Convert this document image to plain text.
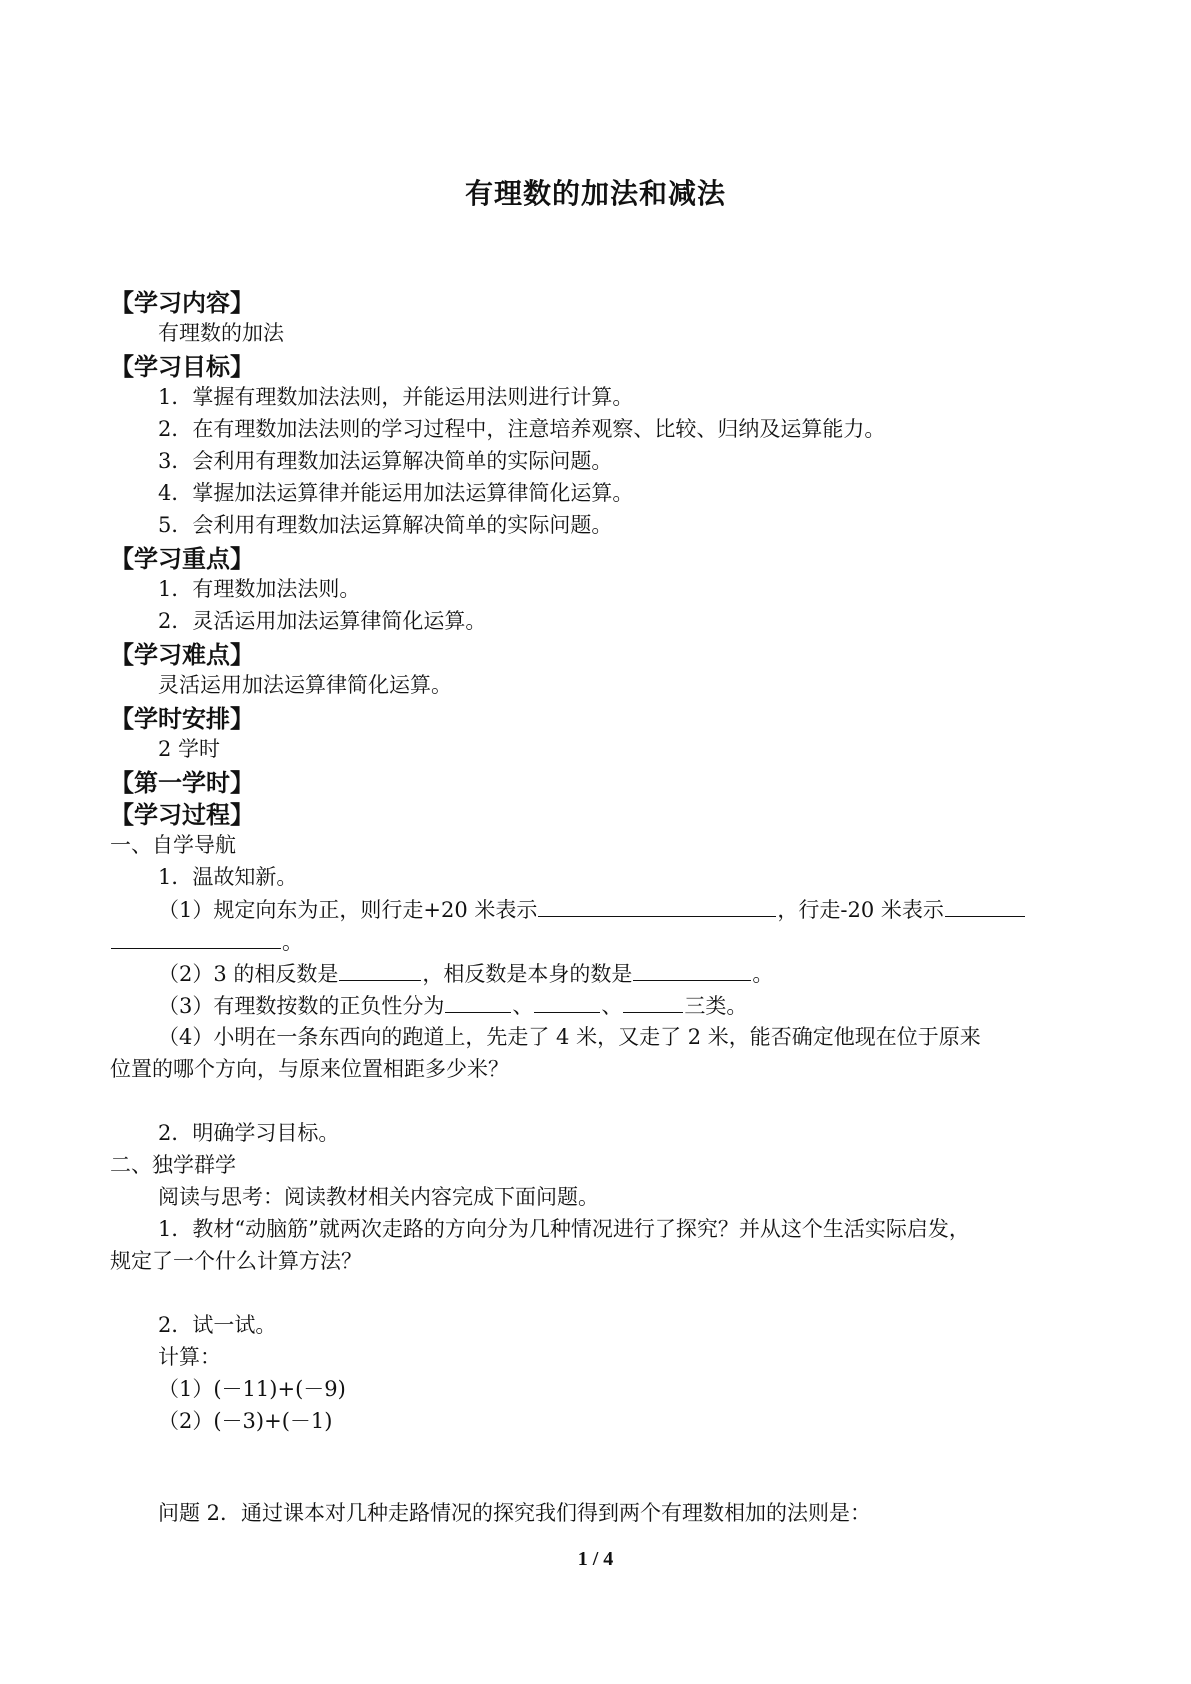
有理数的加法和减法
【学习内容】
有理数的加法
【学习目标】
1．掌握有理数加法法则，并能运用法则进行计算。
2．在有理数加法法则的学习过程中，注意培养观察、比较、归纳及运算能力。
3．会利用有理数加法运算解决简单的实际问题。
4．掌握加法运算律并能运用加法运算律简化运算。
5．会利用有理数加法运算解决简单的实际问题。
【学习重点】
1．有理数加法法则。
2．灵活运用加法运算律简化运算。
【学习难点】
灵活运用加法运算律简化运算。
【学时安排】
2 学时
【第一学时】
【学习过程】
一、自学导航
1．温故知新。
（1）规定向东为正，则行走+20 米表示	，行走-20 米表示
。
（2）3 的相反数是	，相反数是本身的数是	。
（3）有理数按数的正负性分为	、	、	三类。
（4）小明在一条东西向的跑道上，先走了 4 米，又走了 2 米，能否确定他现在位于原来
位置的哪个方向，与原来位置相距多少米？
2．明确学习目标。
二、独学群学
阅读与思考：阅读教材相关内容完成下面问题。
1．教材“动脑筋”就两次走路的方向分为几种情况进行了探究？并从这个生活实际启发，
规定了一个什么计算方法？
2．试一试。
计算：
（1）(－11)+(－9)
（2）(－3)+(－1)
问题 2．通过课本对几种走路情况的探究我们得到两个有理数相加的法则是：
1 / 4
